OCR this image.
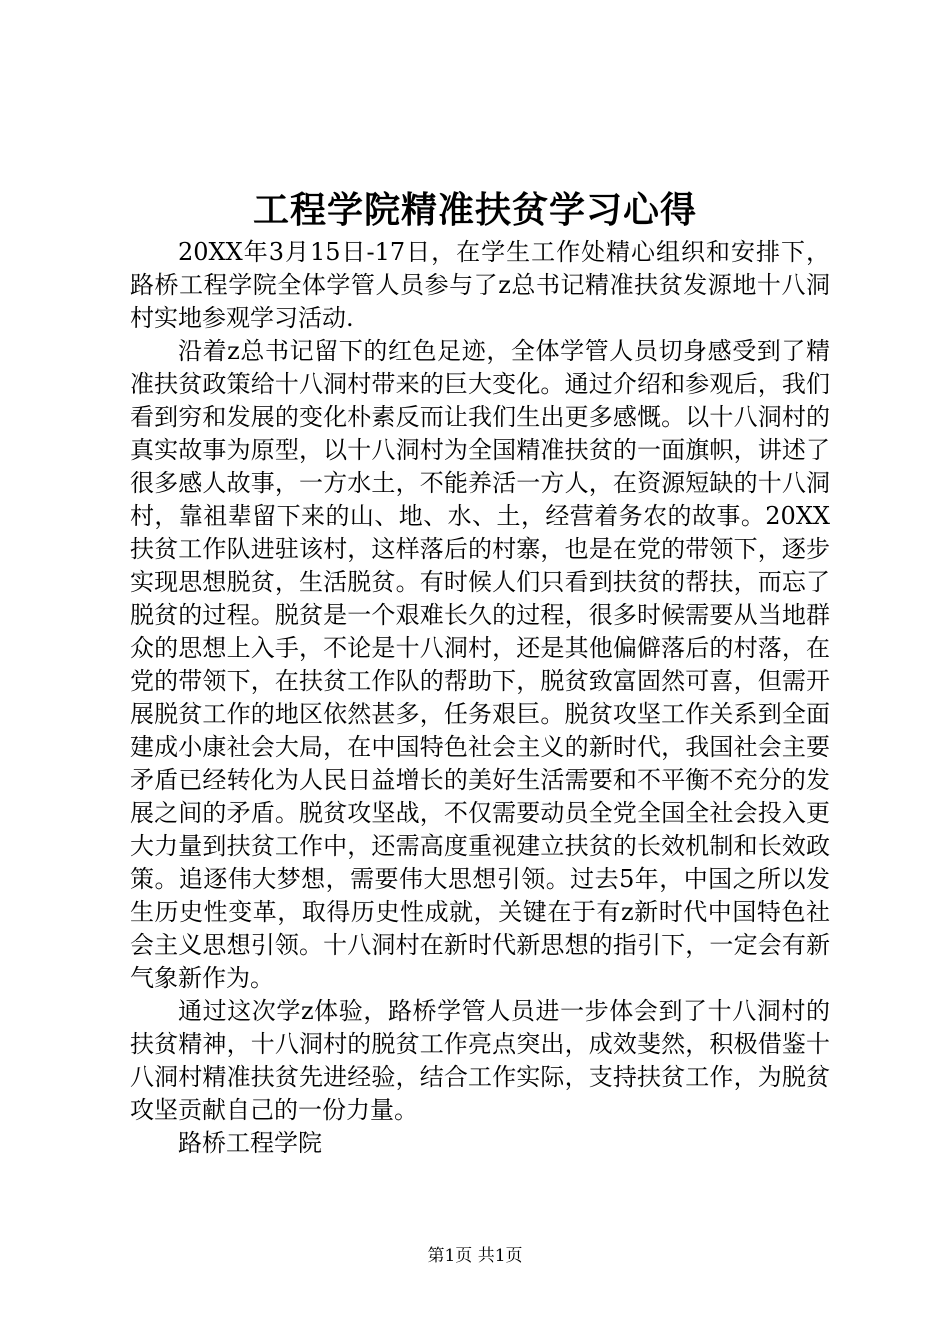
工程学院精准扶贫学习心得

20XX年3月15日-17日，在学生工作处精心组织和安排下，路桥工程学院全体学管人员参与了z总书记精准扶贫发源地十八洞村实地参观学习活动.

沿着z总书记留下的红色足迹，全体学管人员切身感受到了精准扶贫政策给十八洞村带来的巨大变化。通过介绍和参观后，我们看到穷和发展的变化朴素反而让我们生出更多感慨。以十八洞村的真实故事为原型，以十八洞村为全国精准扶贫的一面旗帜，讲述了很多感人故事，一方水土，不能养活一方人，在资源短缺的十八洞村，靠祖辈留下来的山、地、水、土，经营着务农的故事。20XX扶贫工作队进驻该村，这样落后的村寨，也是在党的带领下，逐步实现思想脱贫，生活脱贫。有时候人们只看到扶贫的帮扶，而忘了脱贫的过程。脱贫是一个艰难长久的过程，很多时候需要从当地群众的思想上入手，不论是十八洞村，还是其他偏僻落后的村落，在党的带领下，在扶贫工作队的帮助下，脱贫致富固然可喜，但需开展脱贫工作的地区依然甚多，任务艰巨。脱贫攻坚工作关系到全面建成小康社会大局，在中国特色社会主义的新时代，我国社会主要矛盾已经转化为人民日益增长的美好生活需要和不平衡不充分的发展之间的矛盾。脱贫攻坚战，不仅需要动员全党全国全社会投入更大力量到扶贫工作中，还需高度重视建立扶贫的长效机制和长效政策。追逐伟大梦想，需要伟大思想引领。过去5年，中国之所以发生历史性变革，取得历史性成就，关键在于有z新时代中国特色社会主义思想引领。十八洞村在新时代新思想的指引下，一定会有新气象新作为。

通过这次学z体验，路桥学管人员进一步体会到了十八洞村的扶贫精神，十八洞村的脱贫工作亮点突出，成效斐然，积极借鉴十八洞村精准扶贫先进经验，结合工作实际，支持扶贫工作，为脱贫攻坚贡献自己的一份力量。

路桥工程学院

第1页 共1页
